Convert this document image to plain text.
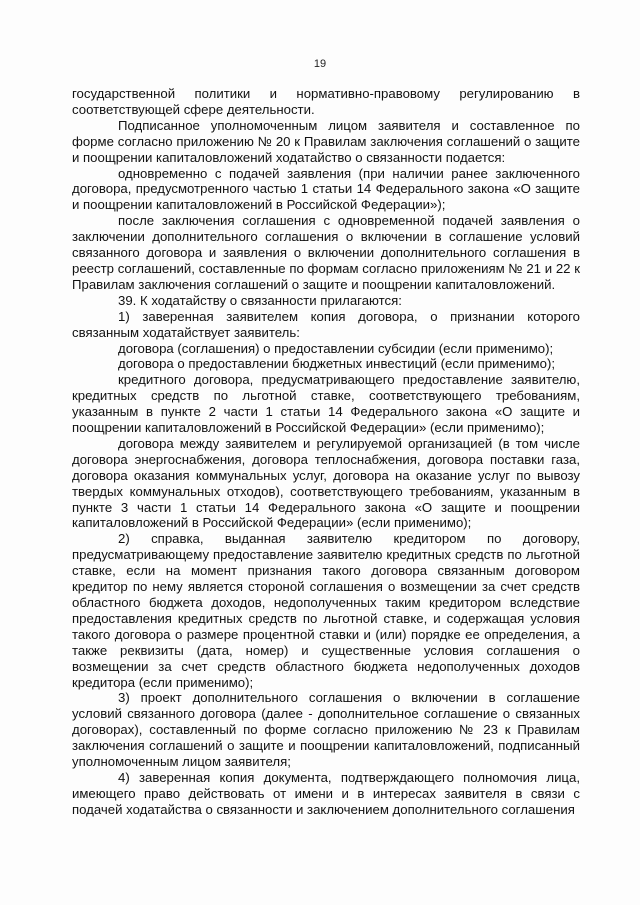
19

государственной политики и нормативно-правовому регулированию в соответствующей сфере деятельности.

Подписанное уполномоченным лицом заявителя и составленное по форме согласно приложению № 20 к Правилам заключения соглашений о защите и поощрении капиталовложений ходатайство о связанности подается:

одновременно с подачей заявления (при наличии ранее заключенного договора, предусмотренного частью 1 статьи 14 Федерального закона «О защите и поощрении капиталовложений в Российской Федерации»);

после заключения соглашения с одновременной подачей заявления о заключении дополнительного соглашения о включении в соглашение условий связанного договора и заявления о включении дополнительного соглашения в реестр соглашений, составленные по формам согласно приложениям № 21 и 22 к Правилам заключения соглашений о защите и поощрении капиталовложений.

39. К ходатайству о связанности прилагаются:

1) заверенная заявителем копия договора, о признании которого связанным ходатайствует заявитель:

договора (соглашения) о предоставлении субсидии (если применимо);

договора о предоставлении бюджетных инвестиций (если применимо);

кредитного договора, предусматривающего предоставление заявителю, кредитных средств по льготной ставке, соответствующего требованиям, указанным в пункте 2 части 1 статьи 14 Федерального закона «О защите и поощрении капиталовложений в Российской Федерации» (если применимо);

договора между заявителем и регулируемой организацией (в том числе договора энергоснабжения, договора теплоснабжения, договора поставки газа, договора оказания коммунальных услуг, договора на оказание услуг по вывозу твердых коммунальных отходов), соответствующего требованиям, указанным в пункте 3 части 1 статьи 14 Федерального закона «О защите и поощрении капиталовложений в Российской Федерации» (если применимо);

2) справка, выданная заявителю кредитором по договору, предусматривающему предоставление заявителю кредитных средств по льготной ставке, если на момент признания такого договора связанным договором кредитор по нему является стороной соглашения о возмещении за счет средств областного бюджета доходов, недополученных таким кредитором вследствие предоставления кредитных средств по льготной ставке, и содержащая условия такого договора о размере процентной ставки и (или) порядке ее определения, а также реквизиты (дата, номер) и существенные условия соглашения о возмещении за счет средств областного бюджета недополученных доходов кредитора (если применимо);

3) проект дополнительного соглашения о включении в соглашение условий связанного договора (далее - дополнительное соглашение о связанных договорах), составленный по форме согласно приложению № 23 к Правилам заключения соглашений о защите и поощрении капиталовложений, подписанный уполномоченным лицом заявителя;

4) заверенная копия документа, подтверждающего полномочия лица, имеющего право действовать от имени и в интересах заявителя в связи с подачей ходатайства о связанности и заключением дополнительного соглашения
